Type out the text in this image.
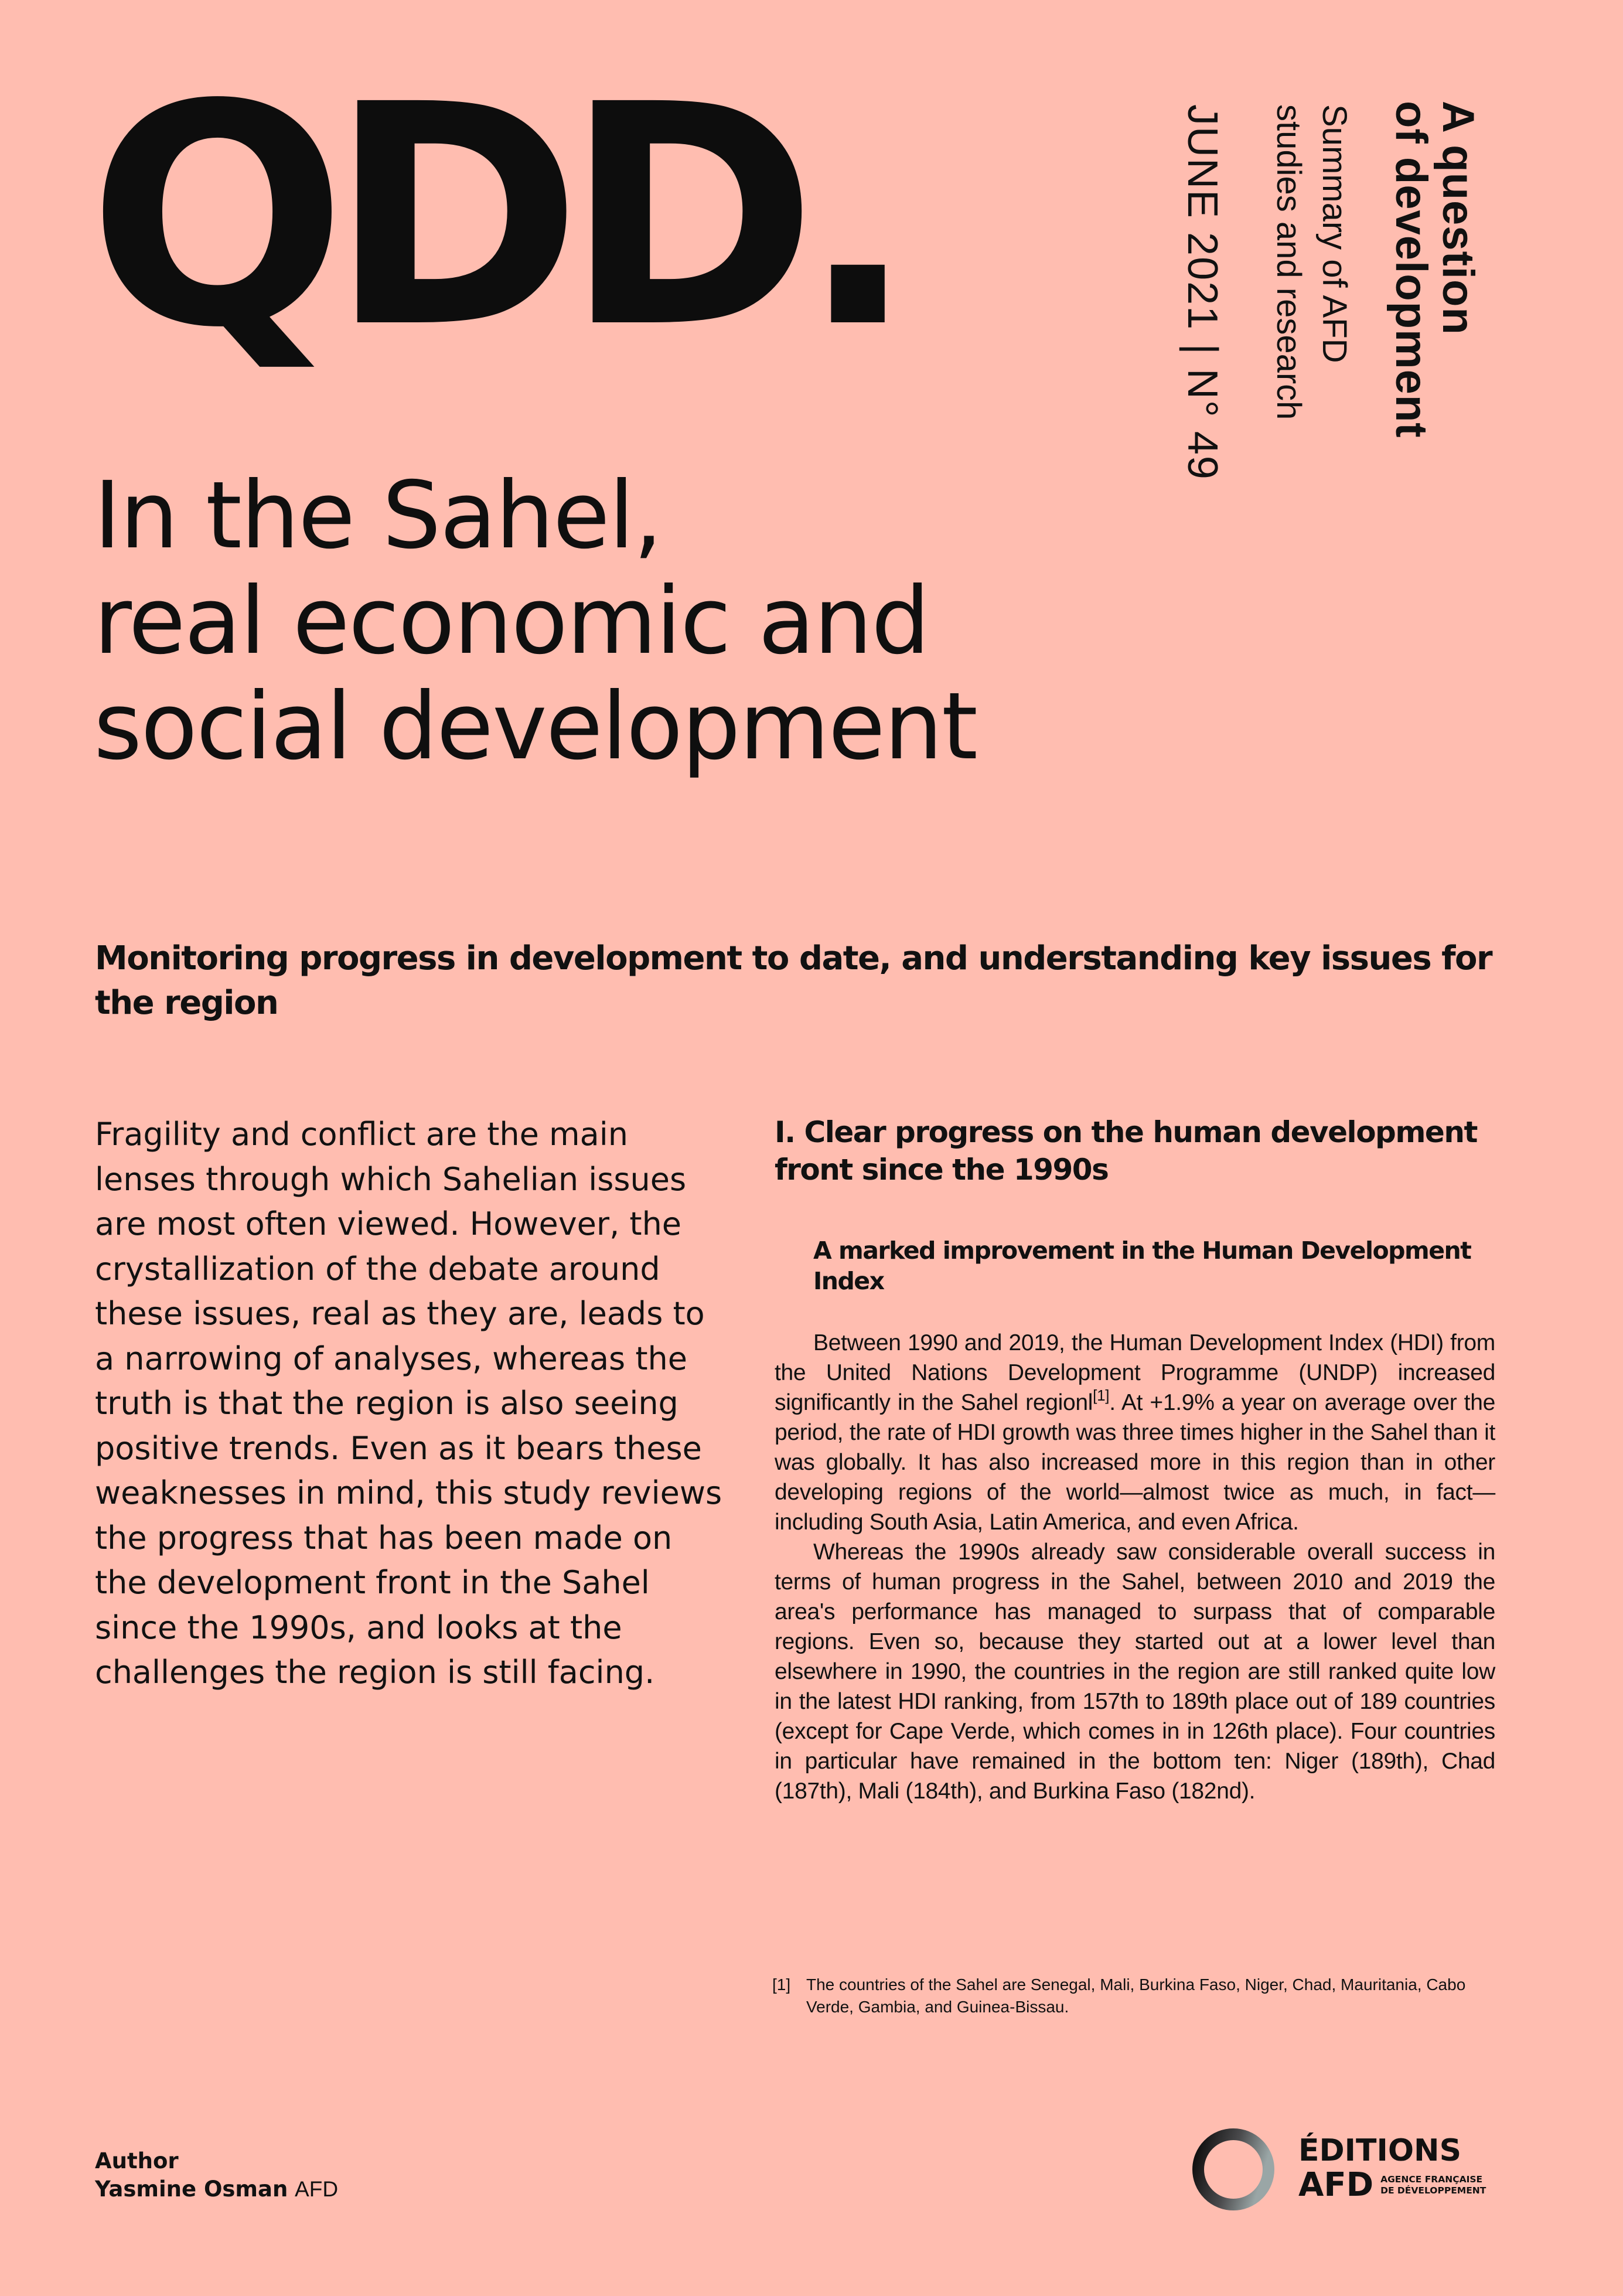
QDD.	A question
of development
Summary of AFD
studies and research
JUNE 2021 | N° 49
In the Sahel,
real economic and
social development
Monitoring progress in development to date, and understanding key issues for the region
Fragility and conflict are the main lenses through which Sahelian issues are most often viewed. However, the crystallization of the debate around these issues, real as they are, leads to a narrowing of analyses, whereas the truth is that the region is also seeing positive trends. Even as it bears these weaknesses in mind, this study reviews the progress that has been made on the development front in the Sahel since the 1990s, and looks at the challenges the region is still facing.
I. Clear progress on the human development front since the 1990s
A marked improvement in the Human Development Index

Between 1990 and 2019, the Human Development Index (HDI) from the United Nations Development Programme (UNDP) increased significantly in the Sahel regionl[1]. At +1.9% a year on average over the period, the rate of HDI growth was three times higher in the Sahel than it was globally. It has also increased more in this region than in other developing regions of the world—almost twice as much, in fact—including South Asia, Latin America, and even Africa.

Whereas the 1990s already saw considerable overall success in terms of human progress in the Sahel, between 2010 and 2019 the area's performance has managed to surpass that of comparable regions. Even so, because they started out at a lower level than elsewhere in 1990, the countries in the region are still ranked quite low in the latest HDI ranking, from 157th to 189th place out of 189 countries (except for Cape Verde, which comes in in 126th place). Four countries in particular have remained in the bottom ten: Niger (189th), Chad (187th), Mali (184th), and Burkina Faso (182nd).

[1] The countries of the Sahel are Senegal, Mali, Burkina Faso, Niger, Chad, Mauritania, Cabo Verde, Gambia, and Guinea-Bissau.
Author
Yasmine Osman AFD
ÉDITIONS
AFD AGENCE FRANÇAISE
DE DÉVELOPPEMENT
